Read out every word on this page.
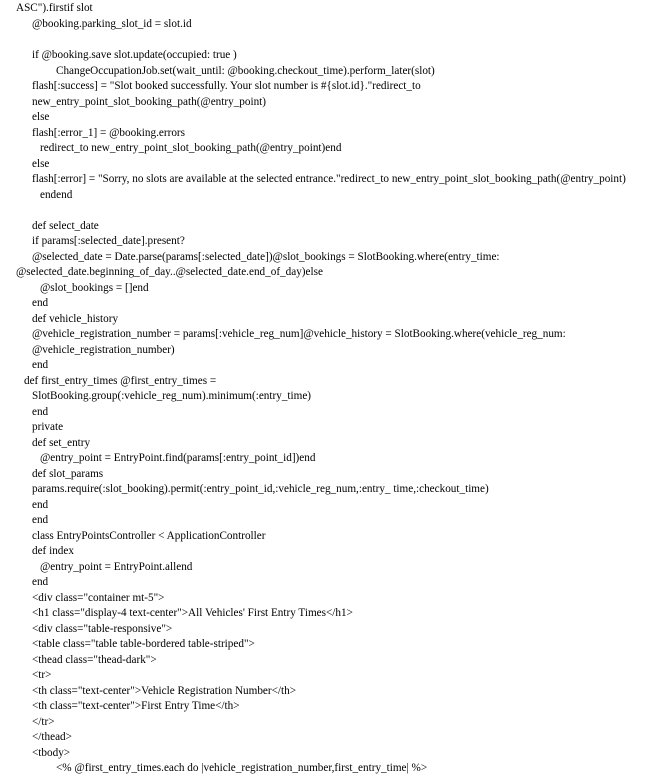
ASC").firstif slot

@booking.parking_slot_id = slot.id

if @booking.save slot.update(occupied: true )

ChangeOccupationJob.set(wait_until: @booking.checkout_time).perform_later(slot)

flash[:success] = "Slot booked successfully. Your slot number is #{slot.id}."redirect_to

new_entry_point_slot_booking_path(@entry_point)

else

flash[:error_1] = @booking.errors

redirect_to new_entry_point_slot_booking_path(@entry_point)end

else

flash[:error] = "Sorry, no slots are available at the selected entrance."redirect_to new_entry_point_slot_booking_path(@entry_point)

endend

def select_date

if params[:selected_date].present?

@selected_date = Date.parse(params[:selected_date])@slot_bookings = SlotBooking.where(entry_time:

@selected_date.beginning_of_day..@selected_date.end_of_day)else

@slot_bookings = []end

end

def vehicle_history

@vehicle_registration_number = params[:vehicle_reg_num]@vehicle_history = SlotBooking.where(vehicle_reg_num:

@vehicle_registration_number)

end

def first_entry_times @first_entry_times =

SlotBooking.group(:vehicle_reg_num).minimum(:entry_time)

end

private

def set_entry

@entry_point = EntryPoint.find(params[:entry_point_id])end

def slot_params

params.require(:slot_booking).permit(:entry_point_id,:vehicle_reg_num,:entry_ time,:checkout_time)

end

end

class EntryPointsController < ApplicationController

def index

@entry_point = EntryPoint.allend

end

<div class="container mt-5">

<h1 class="display-4 text-center">All Vehicles' First Entry Times</h1>

<div class="table-responsive">

<table class="table table-bordered table-striped">

<thead class="thead-dark">

<tr>

<th class="text-center">Vehicle Registration Number</th>

<th class="text-center">First Entry Time</th>

</tr>

</thead>

<tbody>

<% @first_entry_times.each do |vehicle_registration_number,first_entry_time| %>
